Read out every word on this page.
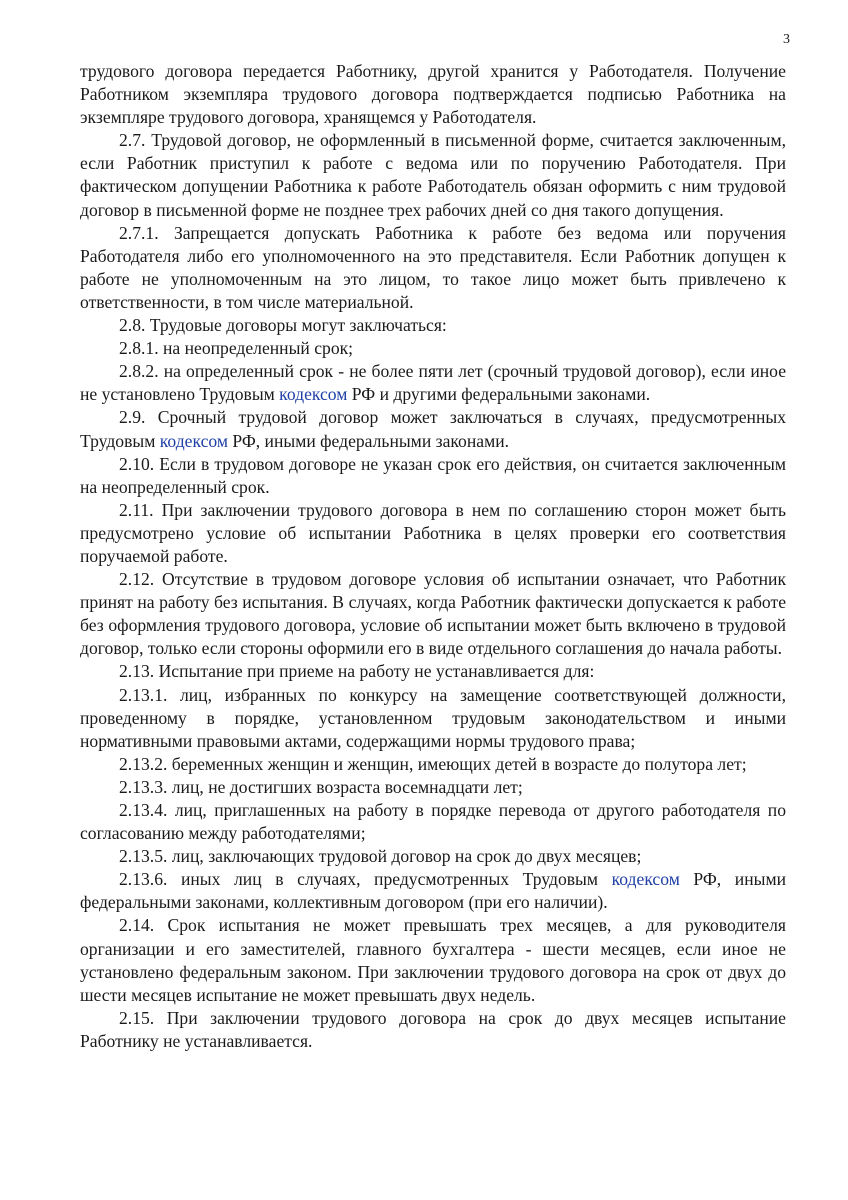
3

трудового договора передается Работнику, другой хранится у Работодателя. Получение Работником экземпляра трудового договора подтверждается подписью Работника на экземпляре трудового договора, хранящемся у Работодателя.

2.7. Трудовой договор, не оформленный в письменной форме, считается заключенным, если Работник приступил к работе с ведома или по поручению Работодателя. При фактическом допущении Работника к работе Работодатель обязан оформить с ним трудовой договор в письменной форме не позднее трех рабочих дней со дня такого допущения.

2.7.1. Запрещается допускать Работника к работе без ведома или поручения Работодателя либо его уполномоченного на это представителя. Если Работник допущен к работе не уполномоченным на это лицом, то такое лицо может быть привлечено к ответственности, в том числе материальной.

2.8. Трудовые договоры могут заключаться:

2.8.1. на неопределенный срок;

2.8.2. на определенный срок - не более пяти лет (срочный трудовой договор), если иное не установлено Трудовым кодексом РФ и другими федеральными законами.

2.9. Срочный трудовой договор может заключаться в случаях, предусмотренных Трудовым кодексом РФ, иными федеральными законами.

2.10. Если в трудовом договоре не указан срок его действия, он считается заключенным на неопределенный срок.

2.11. При заключении трудового договора в нем по соглашению сторон может быть предусмотрено условие об испытании Работника в целях проверки его соответствия поручаемой работе.

2.12. Отсутствие в трудовом договоре условия об испытании означает, что Работник принят на работу без испытания. В случаях, когда Работник фактически допускается к работе без оформления трудового договора, условие об испытании может быть включено в трудовой договор, только если стороны оформили его в виде отдельного соглашения до начала работы.

2.13. Испытание при приеме на работу не устанавливается для:

2.13.1. лиц, избранных по конкурсу на замещение соответствующей должности, проведенному в порядке, установленном трудовым законодательством и иными нормативными правовыми актами, содержащими нормы трудового права;

2.13.2. беременных женщин и женщин, имеющих детей в возрасте до полутора лет;

2.13.3. лиц, не достигших возраста восемнадцати лет;

2.13.4. лиц, приглашенных на работу в порядке перевода от другого работодателя по согласованию между работодателями;

2.13.5. лиц, заключающих трудовой договор на срок до двух месяцев;

2.13.6. иных лиц в случаях, предусмотренных Трудовым кодексом РФ, иными федеральными законами, коллективным договором (при его наличии).

2.14. Срок испытания не может превышать трех месяцев, а для руководителя организации и его заместителей, главного бухгалтера - шести месяцев, если иное не установлено федеральным законом. При заключении трудового договора на срок от двух до шести месяцев испытание не может превышать двух недель.

2.15. При заключении трудового договора на срок до двух месяцев испытание Работнику не устанавливается.
